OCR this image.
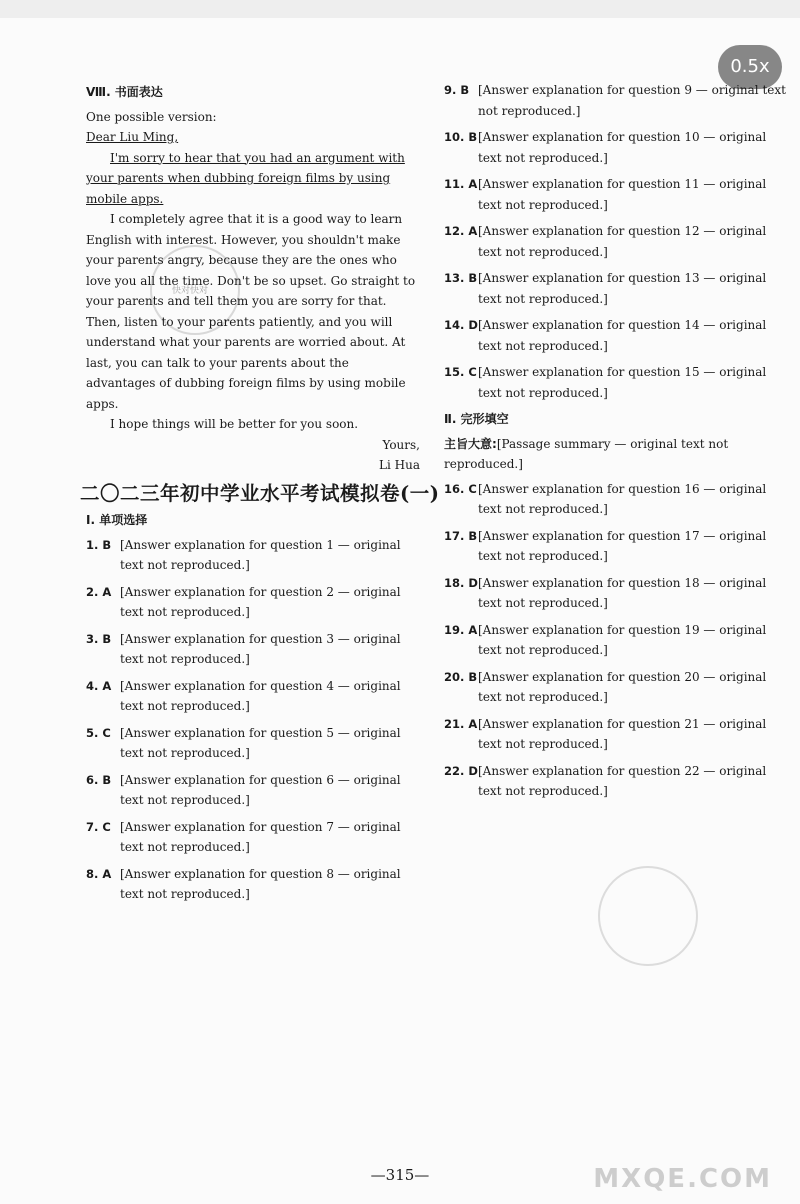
快对快对
0.5x
Ⅷ. 书面表达

One possible version:

Dear Liu Ming,

I'm sorry to hear that you had an argument with your parents when dubbing foreign films by using mobile apps.

I completely agree that it is a good way to learn English with interest. However, you shouldn't make your parents angry, because they are the ones who love you all the time. Don't be so upset. Go straight to your parents and tell them you are sorry for that. Then, listen to your parents patiently, and you will understand what your parents are worried about. At last, you can talk to your parents about the advantages of dubbing foreign films by using mobile apps.

I hope things will be better for you soon.

Yours,

Li Hua

二〇二三年初中学业水平考试模拟卷(一)
Ⅰ. 单项选择
1. B [Answer explanation for question 1 — original text not reproduced.]
2. A [Answer explanation for question 2 — original text not reproduced.]
3. B [Answer explanation for question 3 — original text not reproduced.]
4. A [Answer explanation for question 4 — original text not reproduced.]
5. C [Answer explanation for question 5 — original text not reproduced.]
6. B [Answer explanation for question 6 — original text not reproduced.]
7. C [Answer explanation for question 7 — original text not reproduced.]
8. A [Answer explanation for question 8 — original text not reproduced.]
9. B [Answer explanation for question 9 — original text not reproduced.]
10. B [Answer explanation for question 10 — original text not reproduced.]
11. A [Answer explanation for question 11 — original text not reproduced.]
12. A [Answer explanation for question 12 — original text not reproduced.]
13. B [Answer explanation for question 13 — original text not reproduced.]
14. D [Answer explanation for question 14 — original text not reproduced.]
15. C [Answer explanation for question 15 — original text not reproduced.]
Ⅱ. 完形填空

主旨大意:[Passage summary — original text not reproduced.]

16. C [Answer explanation for question 16 — original text not reproduced.]
17. B [Answer explanation for question 17 — original text not reproduced.]
18. D [Answer explanation for question 18 — original text not reproduced.]
19. A [Answer explanation for question 19 — original text not reproduced.]
20. B [Answer explanation for question 20 — original text not reproduced.]
21. A [Answer explanation for question 21 — original text not reproduced.]
22. D [Answer explanation for question 22 — original text not reproduced.]
—315—	MXQE.COM
